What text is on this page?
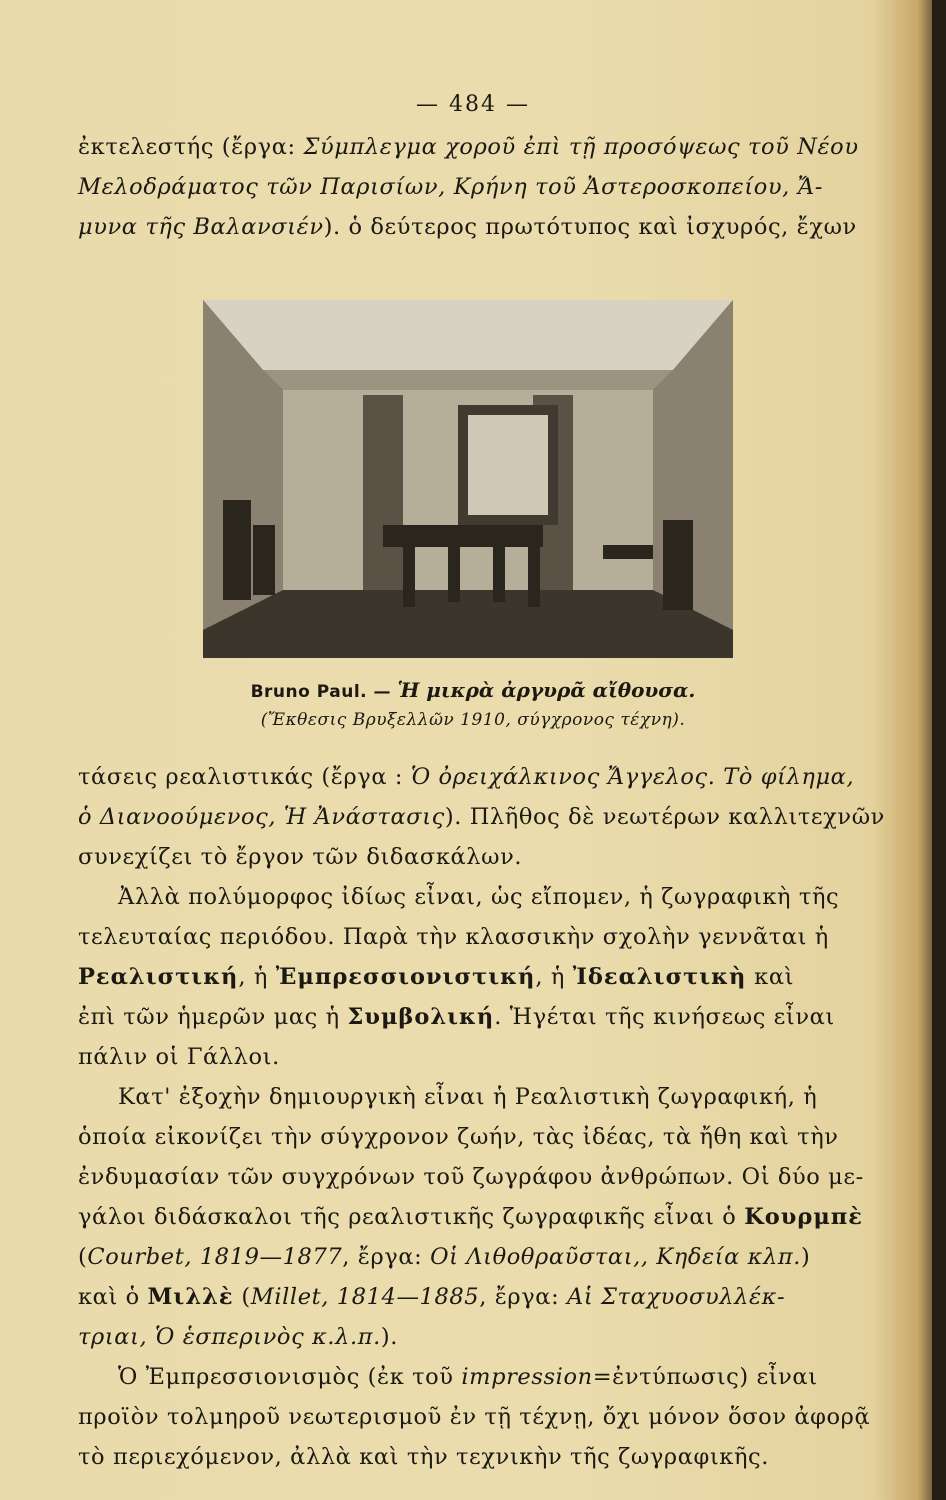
— 484 —
ἐκτελεστής (ἔργα: Σύμπλεγμα χοροῦ ἐπὶ τῇ προσόψεως τοῦ Νέου
Μελοδράματος τῶν Παρισίων, Κρήνη τοῦ Ἀστεροσκοπείου, Ἄ-
μυνα τῆς Βαλανσιέν). ὁ δεύτερος πρωτότυπος καὶ ἰσχυρός, ἔχων
Bruno Paul. — Ἡ μικρὰ ἀργυρᾶ αἴθουσα.
(Ἔκθεσις Βρυξελλῶν 1910, σύγχρονος τέχνη).
τάσεις ρεαλιστικάς (ἔργα : Ὁ ὀρειχάλκινος Ἄγγελος. Τὸ φίλημα,
ὁ Διανοούμενος, Ἡ Ἀνάστασις). Πλῆθος δὲ νεωτέρων καλλιτεχνῶν
συνεχίζει τὸ ἔργον τῶν διδασκάλων.
Ἀλλὰ πολύμορφος ἰδίως εἶναι, ὡς εἴπομεν, ἡ ζωγραφικὴ τῆς
τελευταίας περιόδου. Παρὰ τὴν κλασσικὴν σχολὴν γεννᾶται ἡ
Ρεαλιστική, ἡ Ἐμπρεσσιονιστική, ἡ Ἰδεαλιστικὴ καὶ
ἐπὶ τῶν ἡμερῶν μας ἡ Συμβολική. Ἡγέται τῆς κινήσεως εἶναι
πάλιν οἱ Γάλλοι.
Κατ' ἐξοχὴν δημιουργικὴ εἶναι ἡ Ρεαλιστικὴ ζωγραφική, ἡ
ὁποία εἰκονίζει τὴν σύγχρονον ζωήν, τὰς ἰδέας, τὰ ἤθη καὶ τὴν
ἐνδυμασίαν τῶν συγχρόνων τοῦ ζωγράφου ἀνθρώπων. Οἱ δύο με-
γάλοι διδάσκαλοι τῆς ρεαλιστικῆς ζωγραφικῆς εἶναι ὁ Κουρμπὲ
(Courbet, 1819—1877, ἔργα: Οἱ Λιθοθραῦσται,, Κηδεία κλπ.)
καὶ ὁ Μιλλὲ (Millet, 1814—1885, ἔργα: Αἱ Σταχυοσυλλέκ-
τριαι, Ὁ ἑσπερινὸς κ.λ.π.).
Ὁ Ἐμπρεσσιονισμὸς (ἐκ τοῦ impression=ἐντύπωσις) εἶναι
προϊὸν τολμηροῦ νεωτερισμοῦ ἐν τῇ τέχνῃ, ὄχι μόνον ὅσον ἀφορᾷ
τὸ περιεχόμενον, ἀλλὰ καὶ τὴν τεχνικὴν τῆς ζωγραφικῆς.
